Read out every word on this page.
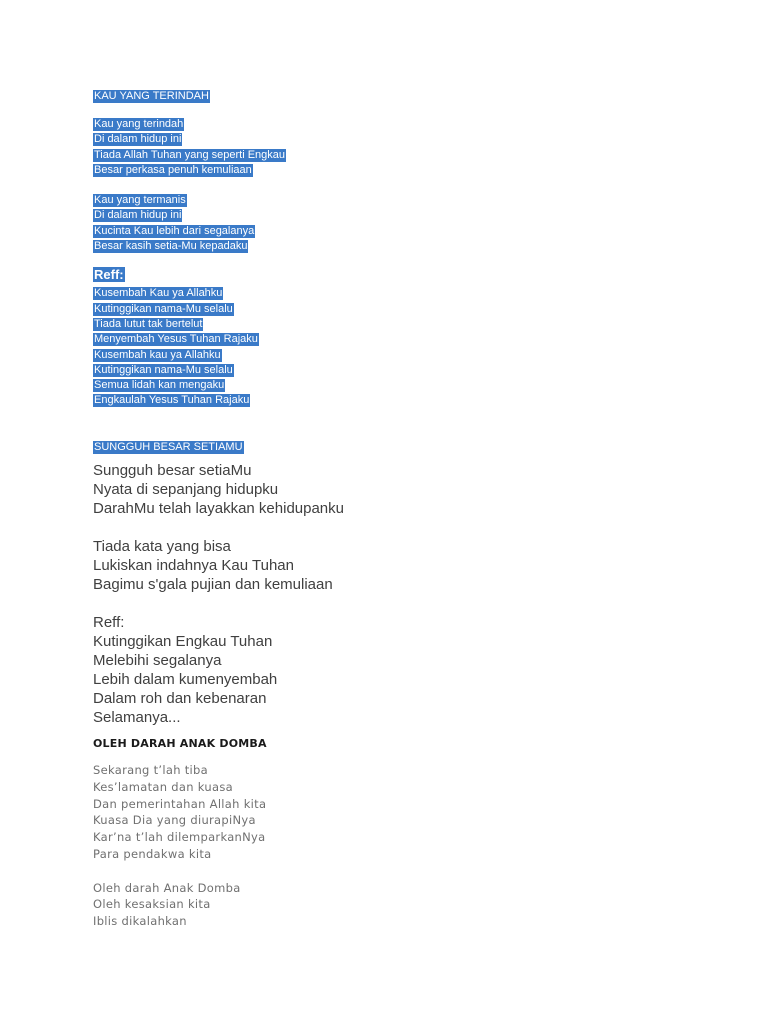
KAU YANG TERINDAH
Kau yang terindah
Di dalam hidup ini
Tiada Allah Tuhan yang seperti Engkau
Besar perkasa penuh kemuliaan
Kau yang termanis
Di dalam hidup ini
Kucinta Kau lebih dari segalanya
Besar kasih setia-Mu kepadaku
Reff:
Kusembah Kau ya Allahku
Kutinggikan nama-Mu selalu
Tiada lutut tak bertelut
Menyembah Yesus Tuhan Rajaku
Kusembah kau ya Allahku
Kutinggikan nama-Mu selalu
Semua lidah kan mengaku
Engkaulah Yesus Tuhan Rajaku
SUNGGUH BESAR SETIAMU
Sungguh besar setiaMu
Nyata di sepanjang hidupku
DarahMu telah layakkan kehidupanku
Tiada kata yang bisa
Lukiskan indahnya Kau Tuhan
Bagimu s'gala pujian dan kemuliaan
Reff:
Kutinggikan Engkau Tuhan
Melebihi segalanya
Lebih dalam kumenyembah
Dalam roh dan kebenaran
Selamanya...
OLEH DARAH ANAK DOMBA
Sekarang t’lah tiba
Kes’lamatan dan kuasa
Dan pemerintahan Allah kita
Kuasa Dia yang diurapiNya
Kar’na t’lah dilemparkanNya
Para pendakwa kita
Oleh darah Anak Domba
Oleh kesaksian kita
Iblis dikalahkan
